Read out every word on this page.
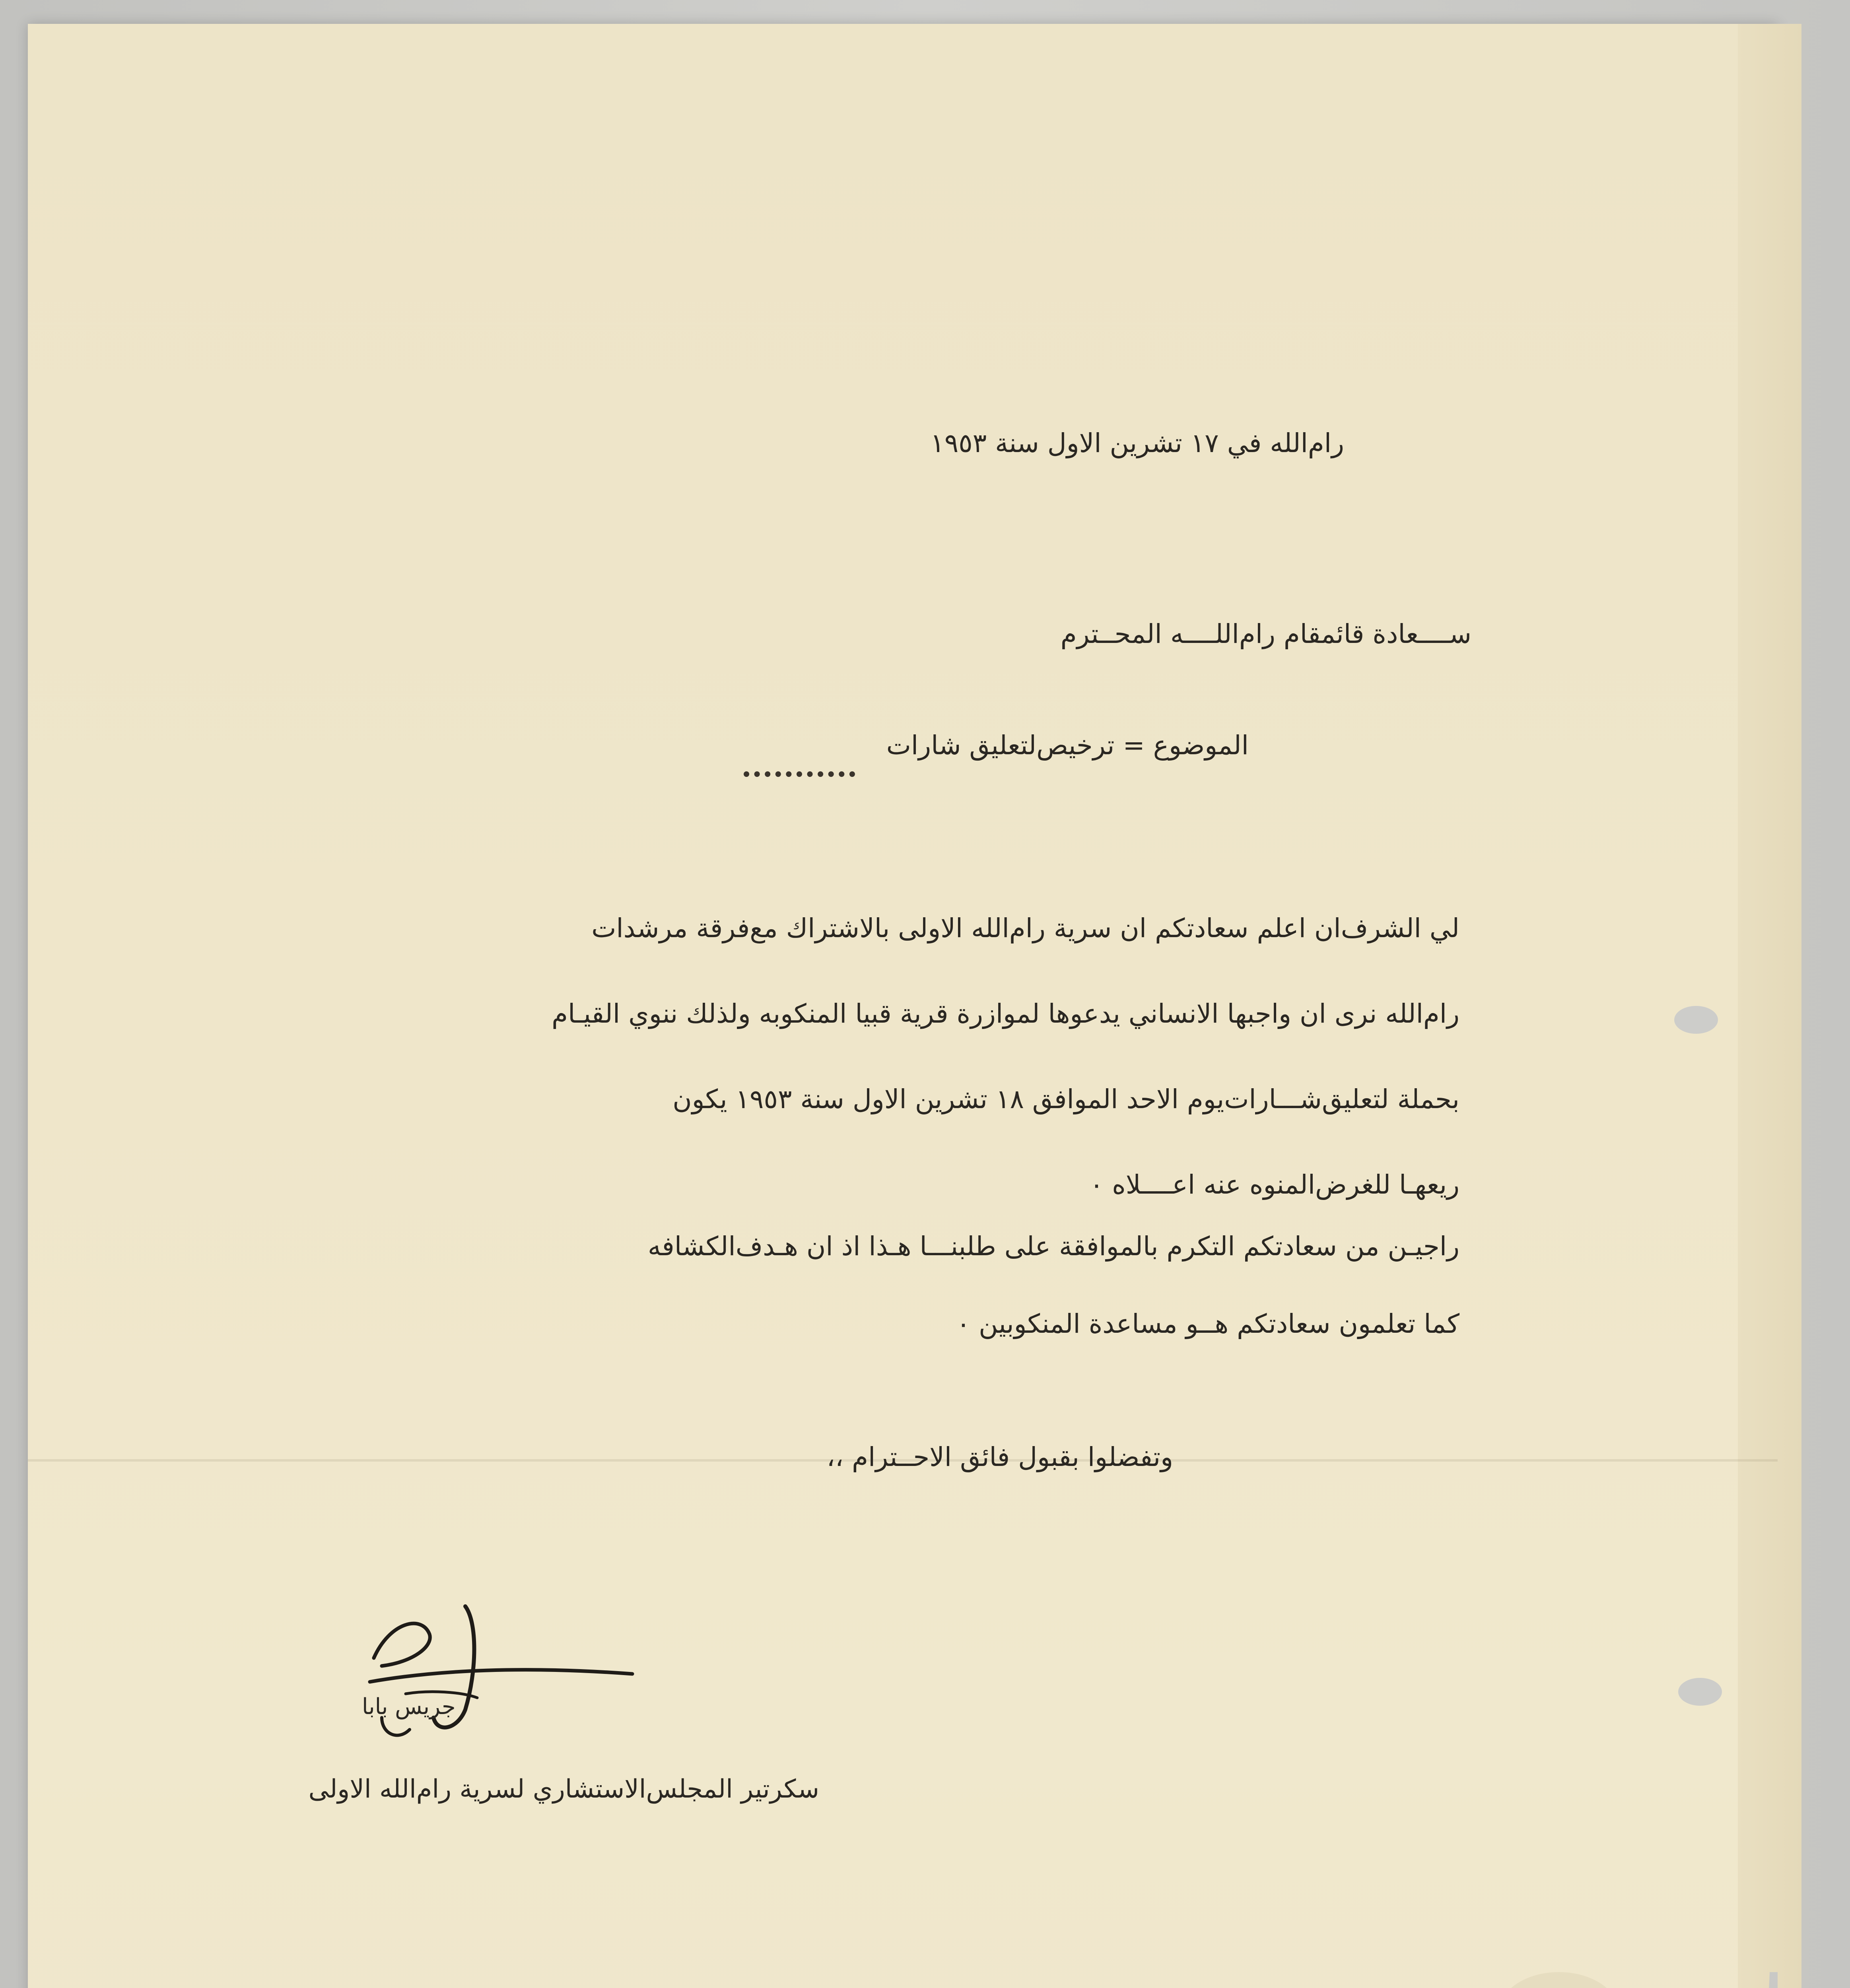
رام‌الله في ١٧ تشرين الاول سنة ١٩٥٣
ســــعادة قائمقام رام‌اللــــه المحــترم
الموضوع = ترخيص‌لتعليق شارات
لي الشرف‌ان اعلم سعادتكم ان سرية رام‌الله الاولى بالاشتراك مع‌فرقة مرشدات
رام‌الله نرى ان واجبها الانساني يدعوها لموازرة قرية قبيا المنكوبه ولذلك ننوي القيـام
بحملة لتعليق‌شـــارات‌يوم الاحد الموافق ١٨ تشرين الاول سنة ١٩٥٣ يكون
ريعهـا للغرض‌المنوه عنه اعــــلاه ٠
راجيـن من سعادتكم التكرم بالموافقة على طلبنـــا هـذا اذ ان هـدف‌الكشافه
كما تعلمون سعادتكم هــو مساعدة المنكوبين ٠
وتفضلوا بقبول فائق الاحــترام ،،
جريس بابا
سكرتير المجلس‌الاستشاري لسرية رام‌الله الاولى
